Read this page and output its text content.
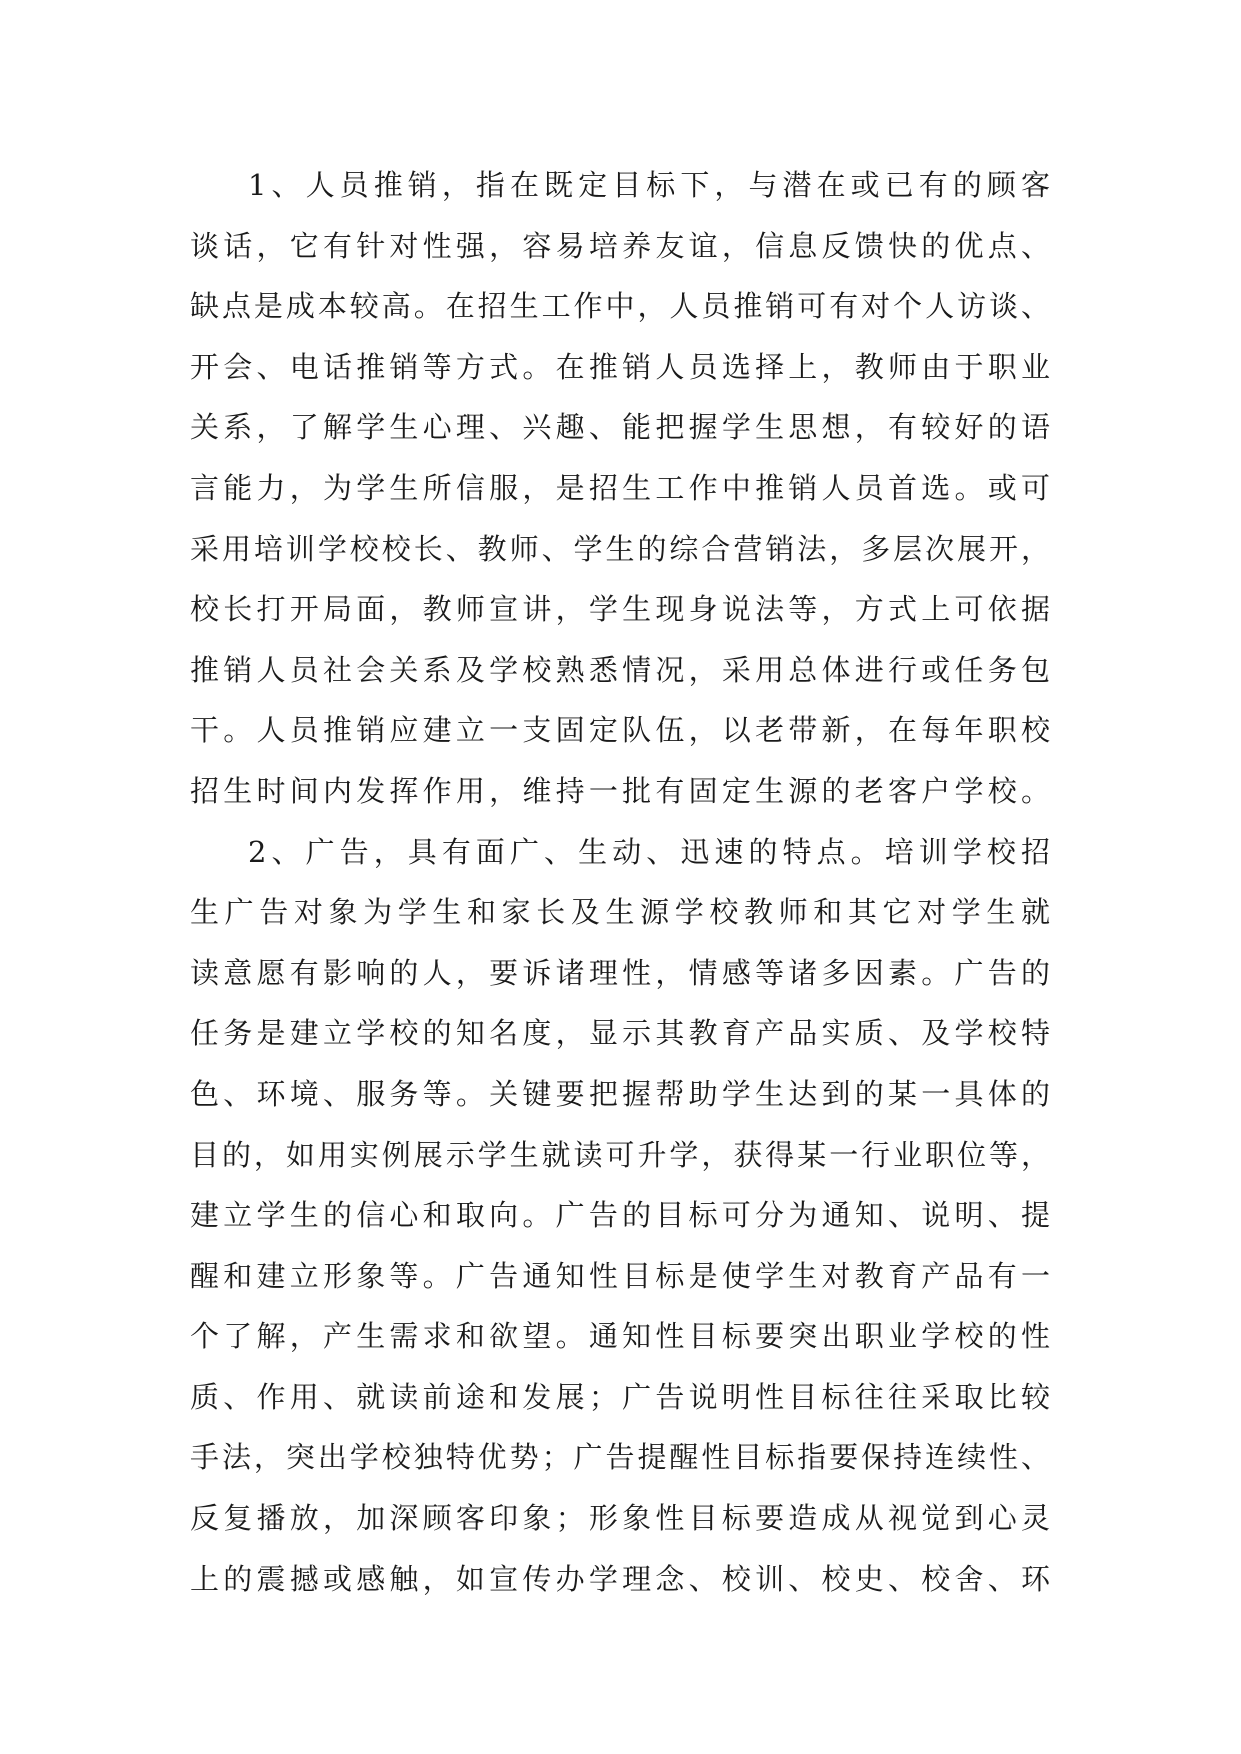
1、人员推销，指在既定目标下，与潜在或已有的顾客
谈话，它有针对性强，容易培养友谊，信息反馈快的优点、
缺点是成本较高。在招生工作中，人员推销可有对个人访谈、
开会、电话推销等方式。在推销人员选择上，教师由于职业
关系，了解学生心理、兴趣、能把握学生思想，有较好的语
言能力，为学生所信服，是招生工作中推销人员首选。或可
采用培训学校校长、教师、学生的综合营销法，多层次展开，
校长打开局面，教师宣讲，学生现身说法等，方式上可依据
推销人员社会关系及学校熟悉情况，采用总体进行或任务包
干。人员推销应建立一支固定队伍，以老带新，在每年职校
招生时间内发挥作用，维持一批有固定生源的老客户学校。
2、广告，具有面广、生动、迅速的特点。培训学校招
生广告对象为学生和家长及生源学校教师和其它对学生就
读意愿有影响的人，要诉诸理性，情感等诸多因素。广告的
任务是建立学校的知名度，显示其教育产品实质、及学校特
色、环境、服务等。关键要把握帮助学生达到的某一具体的
目的，如用实例展示学生就读可升学，获得某一行业职位等，
建立学生的信心和取向。广告的目标可分为通知、说明、提
醒和建立形象等。广告通知性目标是使学生对教育产品有一
个了解，产生需求和欲望。通知性目标要突出职业学校的性
质、作用、就读前途和发展；广告说明性目标往往采取比较
手法，突出学校独特优势；广告提醒性目标指要保持连续性、
反复播放，加深顾客印象；形象性目标要造成从视觉到心灵
上的震撼或感触，如宣传办学理念、校训、校史、校舍、环
